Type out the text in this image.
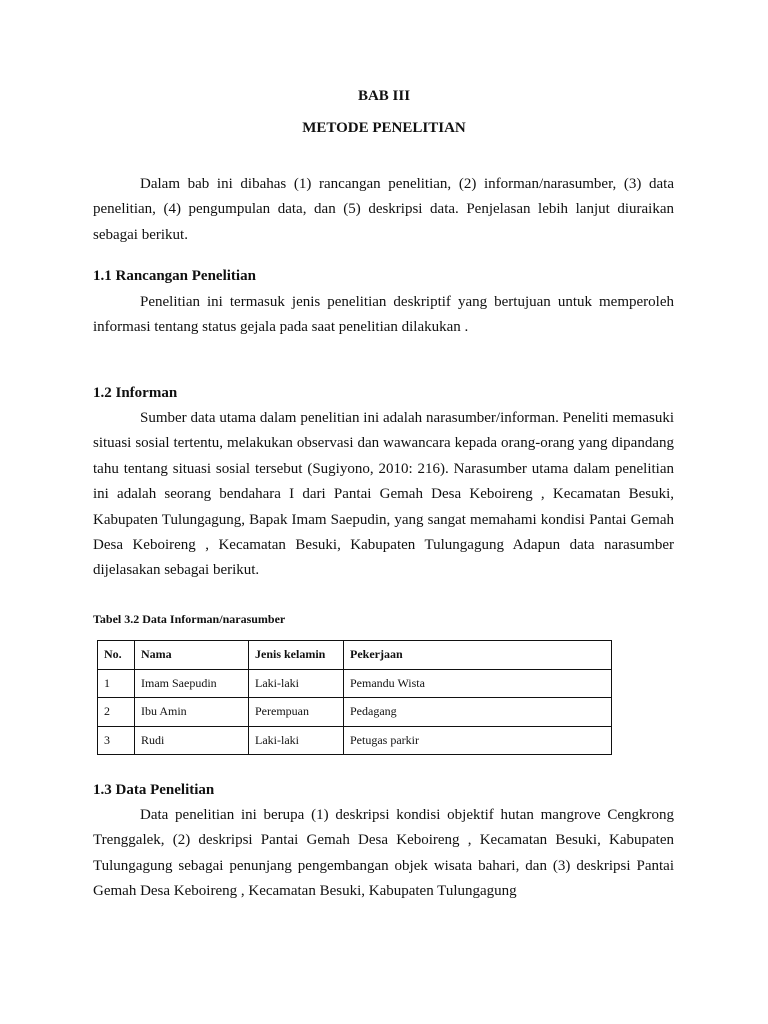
BAB III
METODE PENELITIAN

Dalam bab ini dibahas (1) rancangan penelitian, (2) informan/narasumber, (3) data penelitian, (4) pengumpulan data, dan (5) deskripsi data. Penjelasan lebih lanjut diuraikan sebagai berikut.

1.1 Rancangan Penelitian

Penelitian ini termasuk jenis penelitian deskriptif yang bertujuan untuk memperoleh informasi tentang status gejala pada saat penelitian dilakukan .

1.2 Informan

Sumber data utama dalam penelitian ini adalah narasumber/informan. Peneliti memasuki situasi sosial tertentu, melakukan observasi dan wawancara kepada orang-orang yang dipandang tahu tentang situasi sosial tersebut (Sugiyono, 2010: 216). Narasumber utama dalam penelitian ini adalah seorang bendahara I dari Pantai Gemah Desa Keboireng , Kecamatan Besuki, Kabupaten Tulungagung, Bapak Imam Saepudin, yang sangat memahami kondisi Pantai Gemah Desa Keboireng , Kecamatan Besuki, Kabupaten Tulungagung Adapun data narasumber dijelasakan sebagai berikut.

Tabel 3.2 Data Informan/narasumber

No.	Nama	Jenis kelamin	Pekerjaan
1	Imam Saepudin	Laki-laki	Pemandu Wista
2	Ibu Amin	Perempuan	Pedagang
3	Rudi	Laki-laki	Petugas parkir

1.3 Data Penelitian

Data penelitian ini berupa (1) deskripsi kondisi objektif hutan mangrove Cengkrong Trenggalek, (2) deskripsi Pantai Gemah Desa Keboireng , Kecamatan Besuki, Kabupaten Tulungagung sebagai penunjang pengembangan objek wisata bahari, dan (3) deskripsi Pantai Gemah Desa Keboireng , Kecamatan Besuki, Kabupaten Tulungagung
